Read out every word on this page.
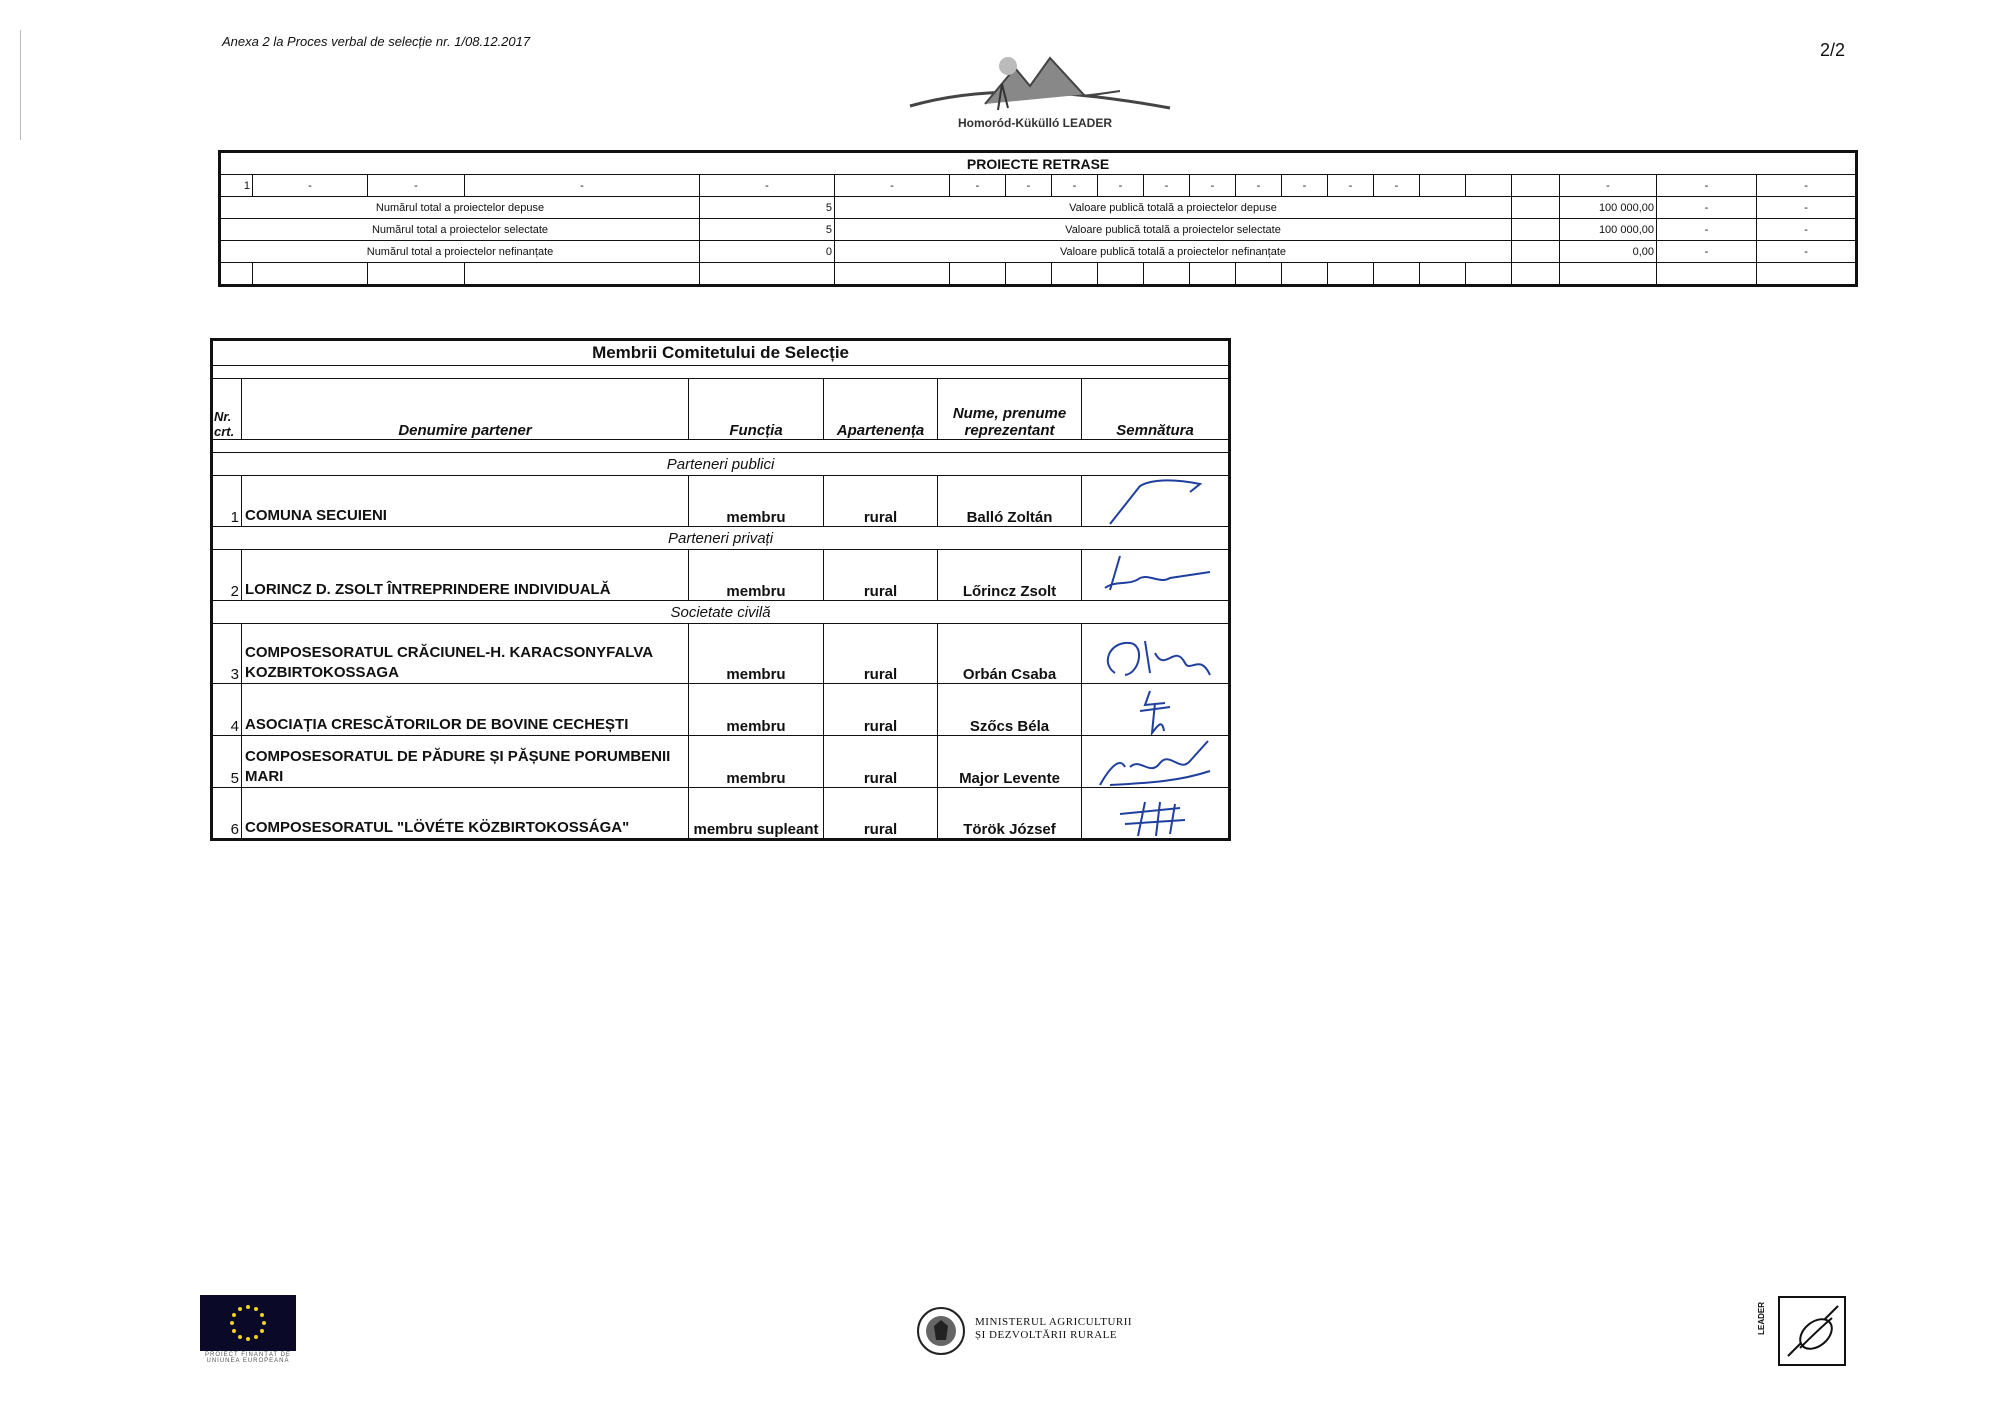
Anexa 2 la Proces verbal de selecție nr. 1/08.12.2017	2/2
Homoród-Kükülló LEADER
PROIECTE RETRASE																					
1	-	-	-	-	-	-	-	-	-	-	-	-	-	-	-				-	-	-
Numărul total a proiectelor depuse				5	Valoare publică totală a proiectelor depuse														100 000,00	-	-
Numărul total a proiectelor selectate				5	Valoare publică totală a proiectelor selectate														100 000,00	-	-
Numărul total a proiectelor nefinanțate				0	Valoare publică totală a proiectelor nefinanțate														0,00	-	-

Membrii Comitetului de Selecție					

Nr. crt.	Denumire partener	Funcția	Apartenența	Nume, prenume reprezentant	Semnătura

Parteneri publici					
1	COMUNA SECUIENI	membru	rural	Balló Zoltán	

Parteneri privați					
2	LORINCZ D. ZSOLT ÎNTREPRINDERE INDIVIDUALĂ	membru	rural	Lőrincz Zsolt	

Societate civilă					
3	COMPOSESORATUL CRĂCIUNEL-H. KARACSONYFALVA KOZBIRTOKOSSAGA	membru	rural	Orbán Csaba	

4	ASOCIAȚIA CRESCĂTORILOR DE BOVINE CECHEȘTI	membru	rural	Szőcs Béla	

5	COMPOSESORATUL DE PĂDURE ȘI PĂȘUNE PORUMBENII MARI	membru	rural	Major Levente	

6	COMPOSESORATUL "LÖVÉTE KÖZBIRTOKOSSÁGA"	membru supleant	rural	Török József	
PROIECT FINANȚAT DE UNIUNEA EUROPEANĂ
MINISTERUL AGRICULTURII
ȘI DEZVOLTĂRII RURALE
LEADER
